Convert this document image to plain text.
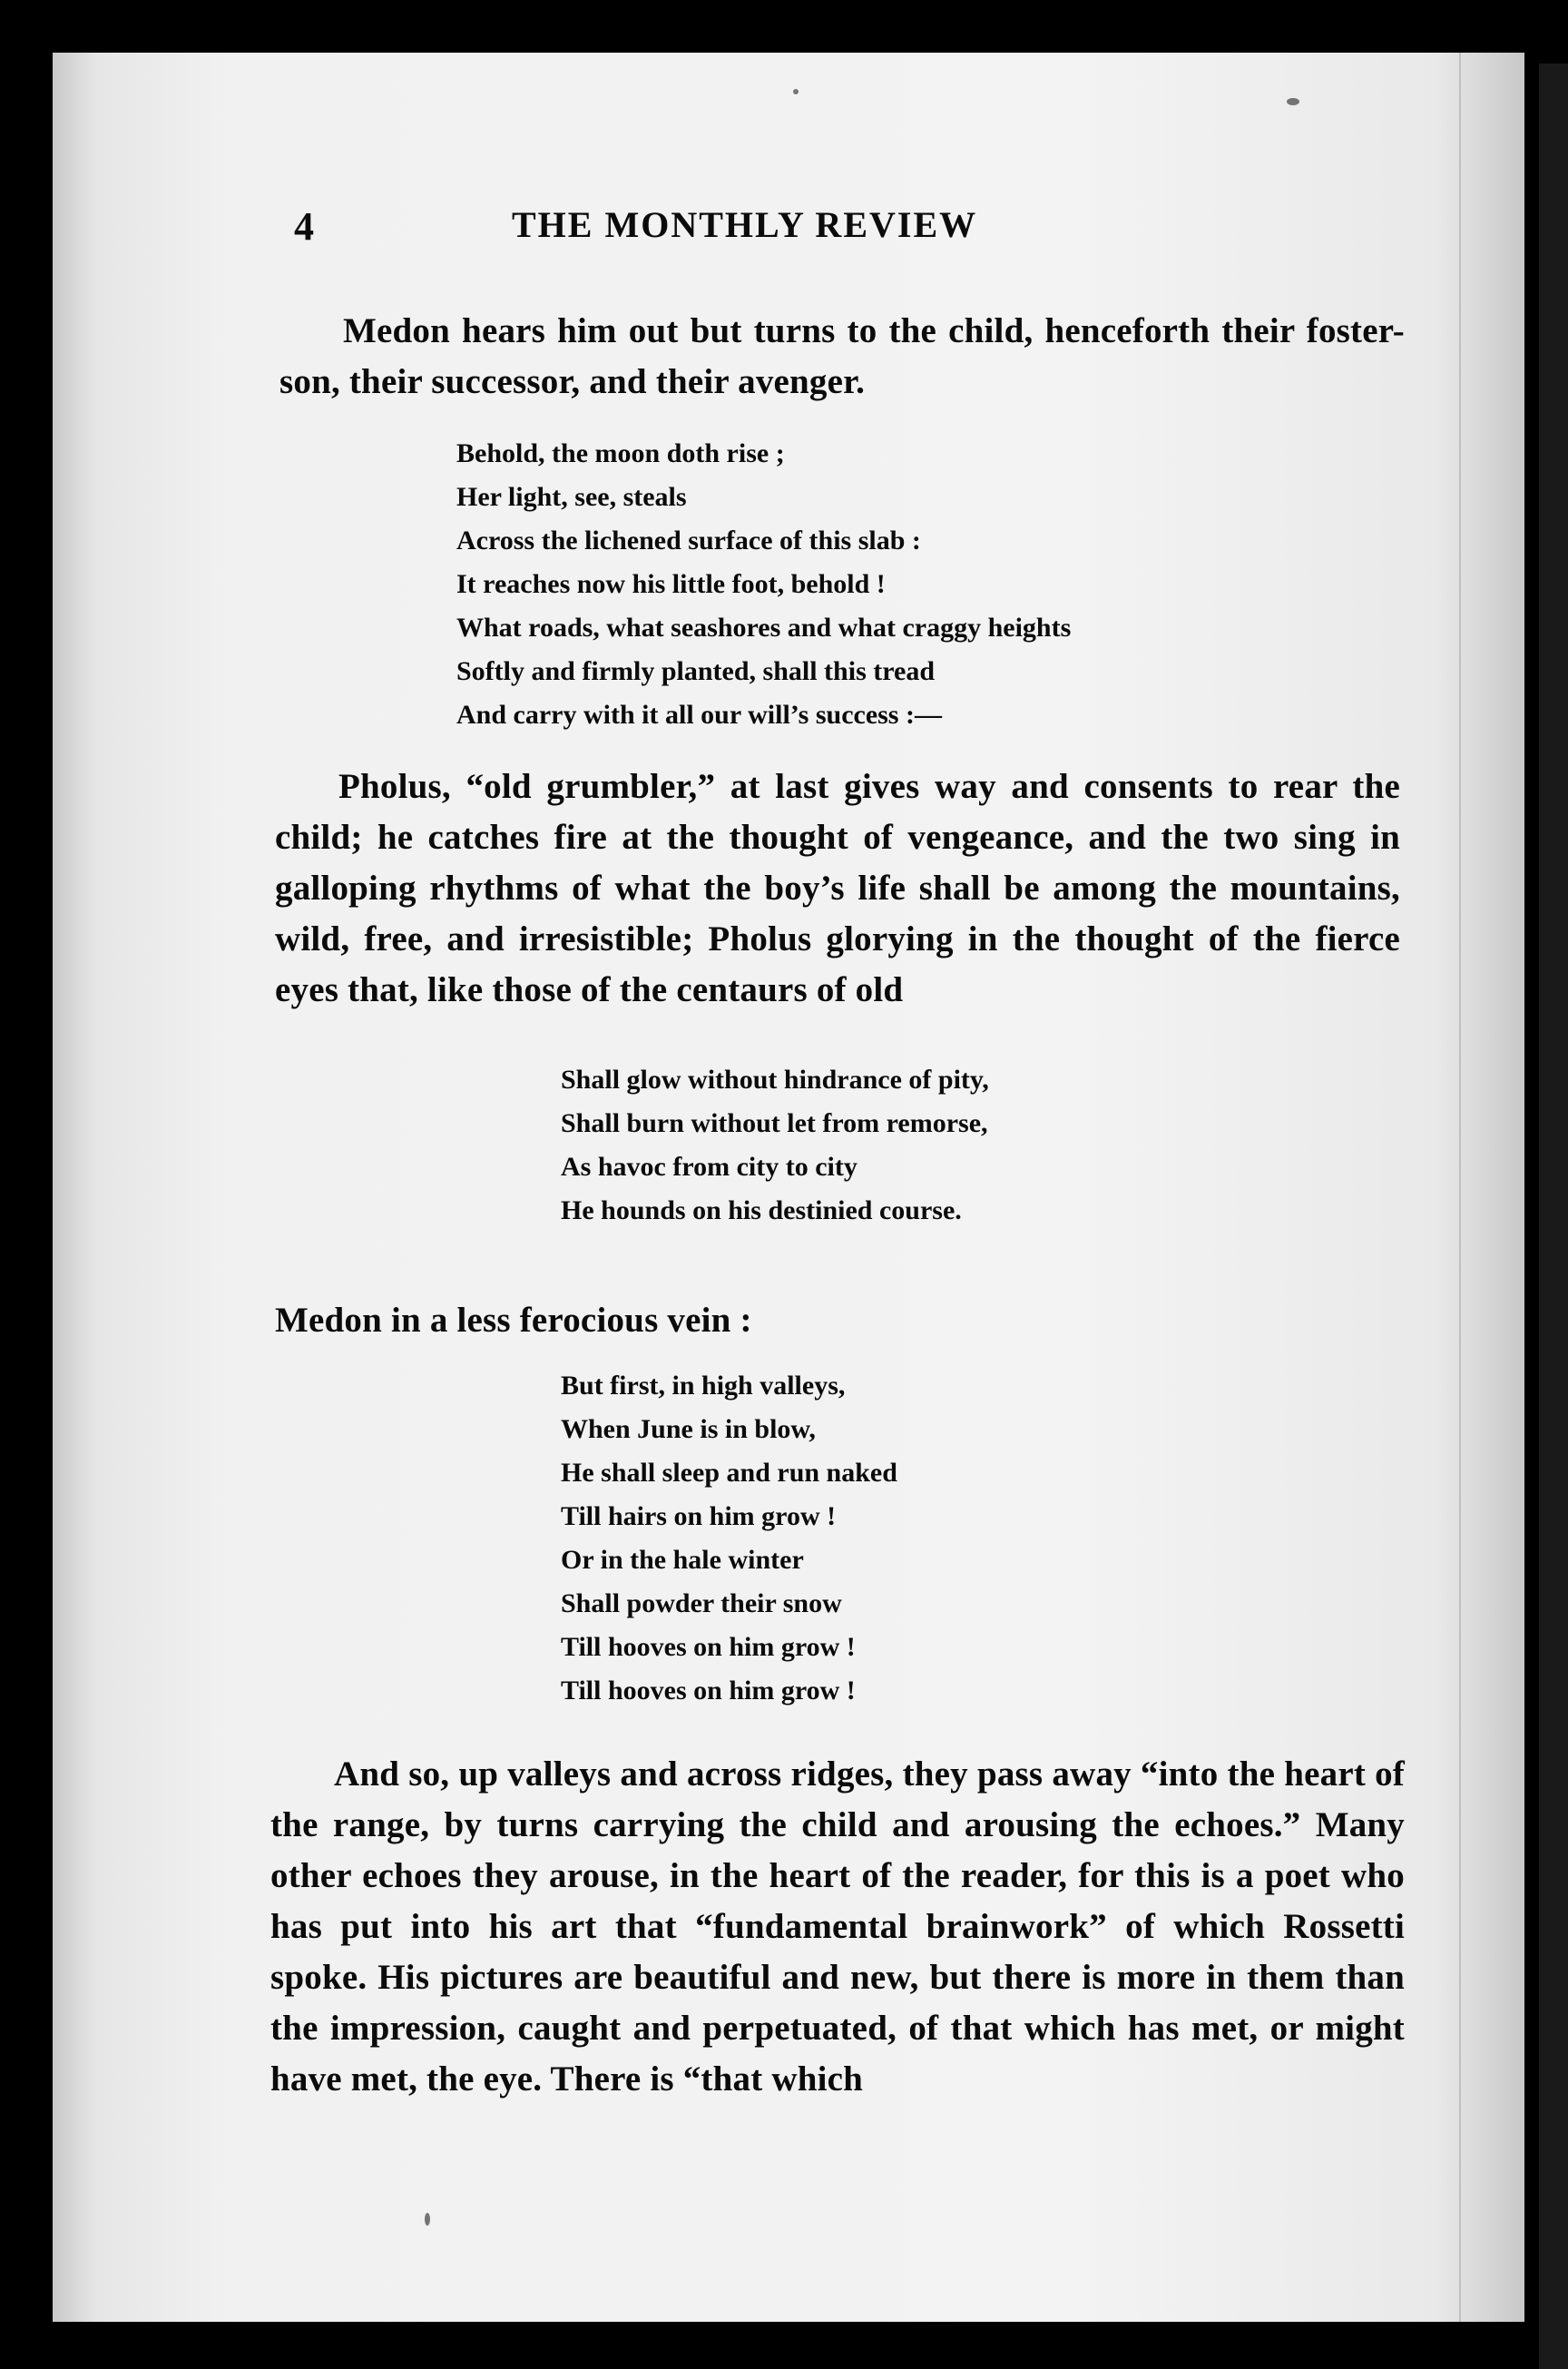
4	THE MONTHLY REVIEW

Medon hears him out but turns to the child, henceforth their foster-son, their successor, and their avenger.

Behold, the moon doth rise ;
Her light, see, steals
Across the lichened surface of this slab :
It reaches now his little foot, behold !
What roads, what seashores and what craggy heights
Softly and firmly planted, shall this tread
And carry with it all our will’s success :—

Pholus, “old grumbler,” at last gives way and consents to rear the child; he catches fire at the thought of vengeance, and the two sing in galloping rhythms of what the boy’s life shall be among the mountains, wild, free, and irresistible; Pholus glorying in the thought of the fierce eyes that, like those of the centaurs of old

Shall glow without hindrance of pity,
Shall burn without let from remorse,
As havoc from city to city
He hounds on his destinied course.

Medon in a less ferocious vein :

But first, in high valleys,
When June is in blow,
He shall sleep and run naked
Till hairs on him grow !
Or in the hale winter
Shall powder their snow
Till hooves on him grow !
Till hooves on him grow !

And so, up valleys and across ridges, they pass away “into the heart of the range, by turns carrying the child and arousing the echoes.” Many other echoes they arouse, in the heart of the reader, for this is a poet who has put into his art that “fundamental brainwork” of which Rossetti spoke. His pictures are beautiful and new, but there is more in them than the impression, caught and perpetuated, of that which has met, or might have met, the eye. There is “that which
